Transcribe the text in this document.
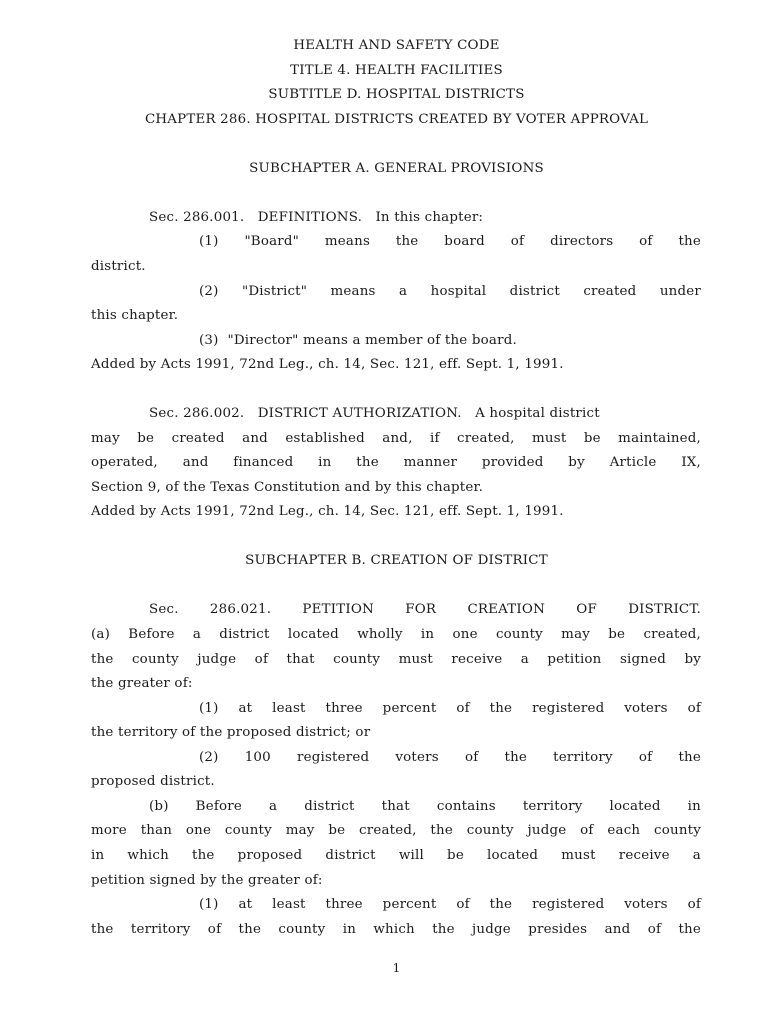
HEALTH AND SAFETY CODE
TITLE 4. HEALTH FACILITIES
SUBTITLE D. HOSPITAL DISTRICTS
CHAPTER 286. HOSPITAL DISTRICTS CREATED BY VOTER APPROVAL
SUBCHAPTER A. GENERAL PROVISIONS
Sec. 286.001.   DEFINITIONS.   In this chapter:
(1) "Board" means the board of directors of the
district.
(2) "District" means a hospital district created under
this chapter.
(3)  "Director" means a member of the board.
Added by Acts 1991, 72nd Leg., ch. 14, Sec. 121, eff. Sept. 1, 1991.
Sec. 286.002.   DISTRICT AUTHORIZATION.   A hospital district
may be created and established and, if created, must be maintained,
operated, and financed in the manner provided by Article IX,
Section 9, of the Texas Constitution and by this chapter.
Added by Acts 1991, 72nd Leg., ch. 14, Sec. 121, eff. Sept. 1, 1991.
SUBCHAPTER B. CREATION OF DISTRICT
Sec. 286.021. PETITION FOR CREATION OF DISTRICT.
(a) Before a district located wholly in one county may be created,
the county judge of that county must receive a petition signed by
the greater of:
(1) at least three percent of the registered voters of
the territory of the proposed district; or
(2) 100 registered voters of the territory of the
proposed district.
(b) Before a district that contains territory located in
more than one county may be created, the county judge of each county
in which the proposed district will be located must receive a
petition signed by the greater of:
(1) at least three percent of the registered voters of
the territory of the county in which the judge presides and of the
1
